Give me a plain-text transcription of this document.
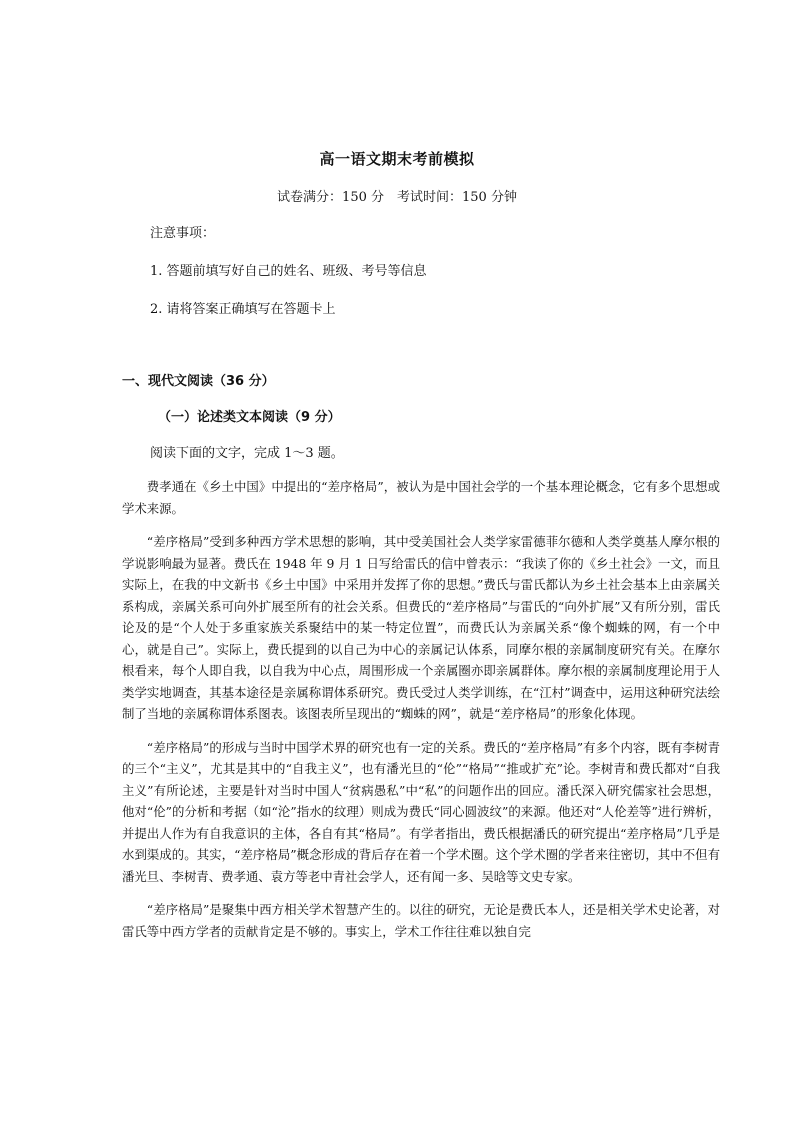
高一语文期末考前模拟
试卷满分：150 分　考试时间：150 分钟
注意事项：
1. 答题前填写好自己的姓名、班级、考号等信息
2. 请将答案正确填写在答题卡上
一、现代文阅读（36 分）
（一）论述类文本阅读（9 分）
阅读下面的文字，完成 1～3 题。

费孝通在《乡土中国》中提出的“差序格局”，被认为是中国社会学的一个基本理论概念，它有多个思想或学术来源。

“差序格局”受到多种西方学术思想的影响，其中受美国社会人类学家雷德菲尔德和人类学奠基人摩尔根的学说影响最为显著。费氏在 1948 年 9 月 1 日写给雷氏的信中曾表示：“我读了你的《乡土社会》一文，而且实际上，在我的中文新书《乡土中国》中采用并发挥了你的思想。”费氏与雷氏都认为乡土社会基本上由亲属关系构成，亲属关系可向外扩展至所有的社会关系。但费氏的“差序格局”与雷氏的“向外扩展”又有所分别，雷氏论及的是“个人处于多重家族关系聚结中的某一特定位置”，而费氏认为亲属关系“像个蜘蛛的网，有一个中心，就是自己”。实际上，费氏提到的以自己为中心的亲属记认体系，同摩尔根的亲属制度研究有关。在摩尔根看来，每个人即自我，以自我为中心点，周围形成一个亲属圈亦即亲属群体。摩尔根的亲属制度理论用于人类学实地调查，其基本途径是亲属称谓体系研究。费氏受过人类学训练，在“江村”调查中，运用这种研究法绘制了当地的亲属称谓体系图表。该图表所呈现出的“蜘蛛的网”，就是“差序格局”的形象化体现。

“差序格局”的形成与当时中国学术界的研究也有一定的关系。费氏的“差序格局”有多个内容，既有李树青的三个“主义”，尤其是其中的“自我主义”，也有潘光旦的“伦”“格局”“推或扩充”论。李树青和费氏都对“自我主义”有所论述，主要是针对当时中国人“贫病愚私”中“私”的问题作出的回应。潘氏深入研究儒家社会思想，他对“伦”的分析和考据（如“沦”指水的纹理）则成为费氏“同心圆波纹”的来源。他还对“人伦差等”进行辨析，并提出人作为有自我意识的主体，各自有其“格局”。有学者指出，费氏根据潘氏的研究提出“差序格局”几乎是水到渠成的。其实，“差序格局”概念形成的背后存在着一个学术圈。这个学术圈的学者来往密切，其中不但有潘光旦、李树青、费孝通、袁方等老中青社会学人，还有闻一多、吴晗等文史专家。

“差序格局”是聚集中西方相关学术智慧产生的。以往的研究，无论是费氏本人，还是相关学术史论著，对雷氏等中西方学者的贡献肯定是不够的。事实上，学术工作往往难以独自完
